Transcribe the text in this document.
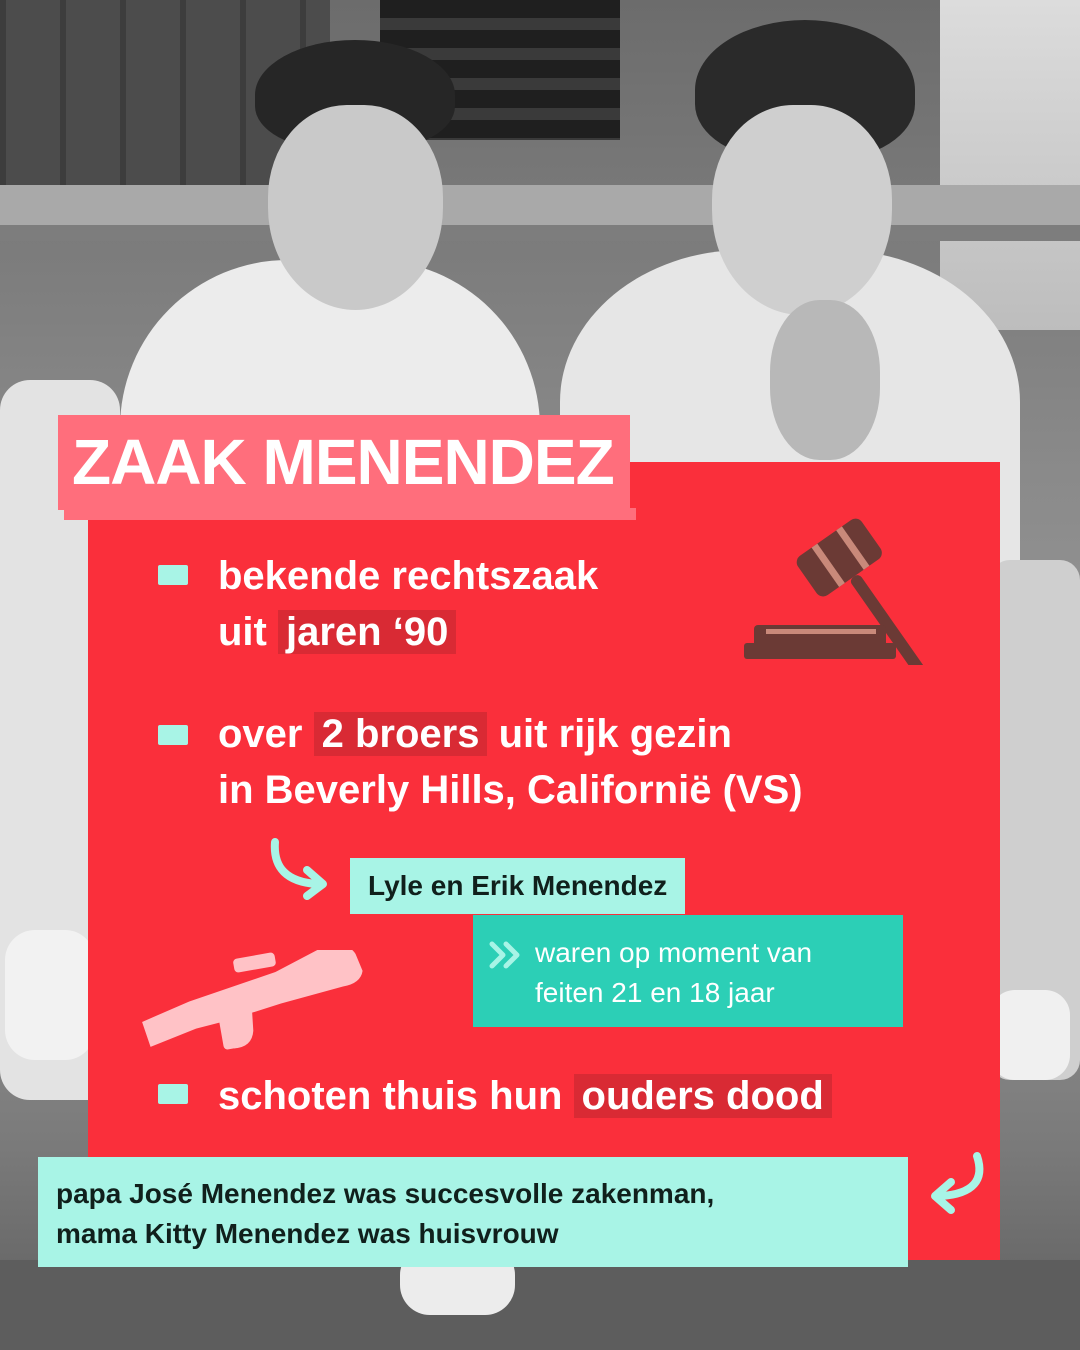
ZAAK MENENDEZ
bekende rechtszaak
uit jaren ‘90
over 2 broers uit rijk gezin
in Beverly Hills, Californië (VS)
Lyle en Erik Menendez
waren op moment van
feiten 21 en 18 jaar
schoten thuis hun ouders dood
papa José Menendez was succesvolle zakenman,
mama Kitty Menendez was huisvrouw
